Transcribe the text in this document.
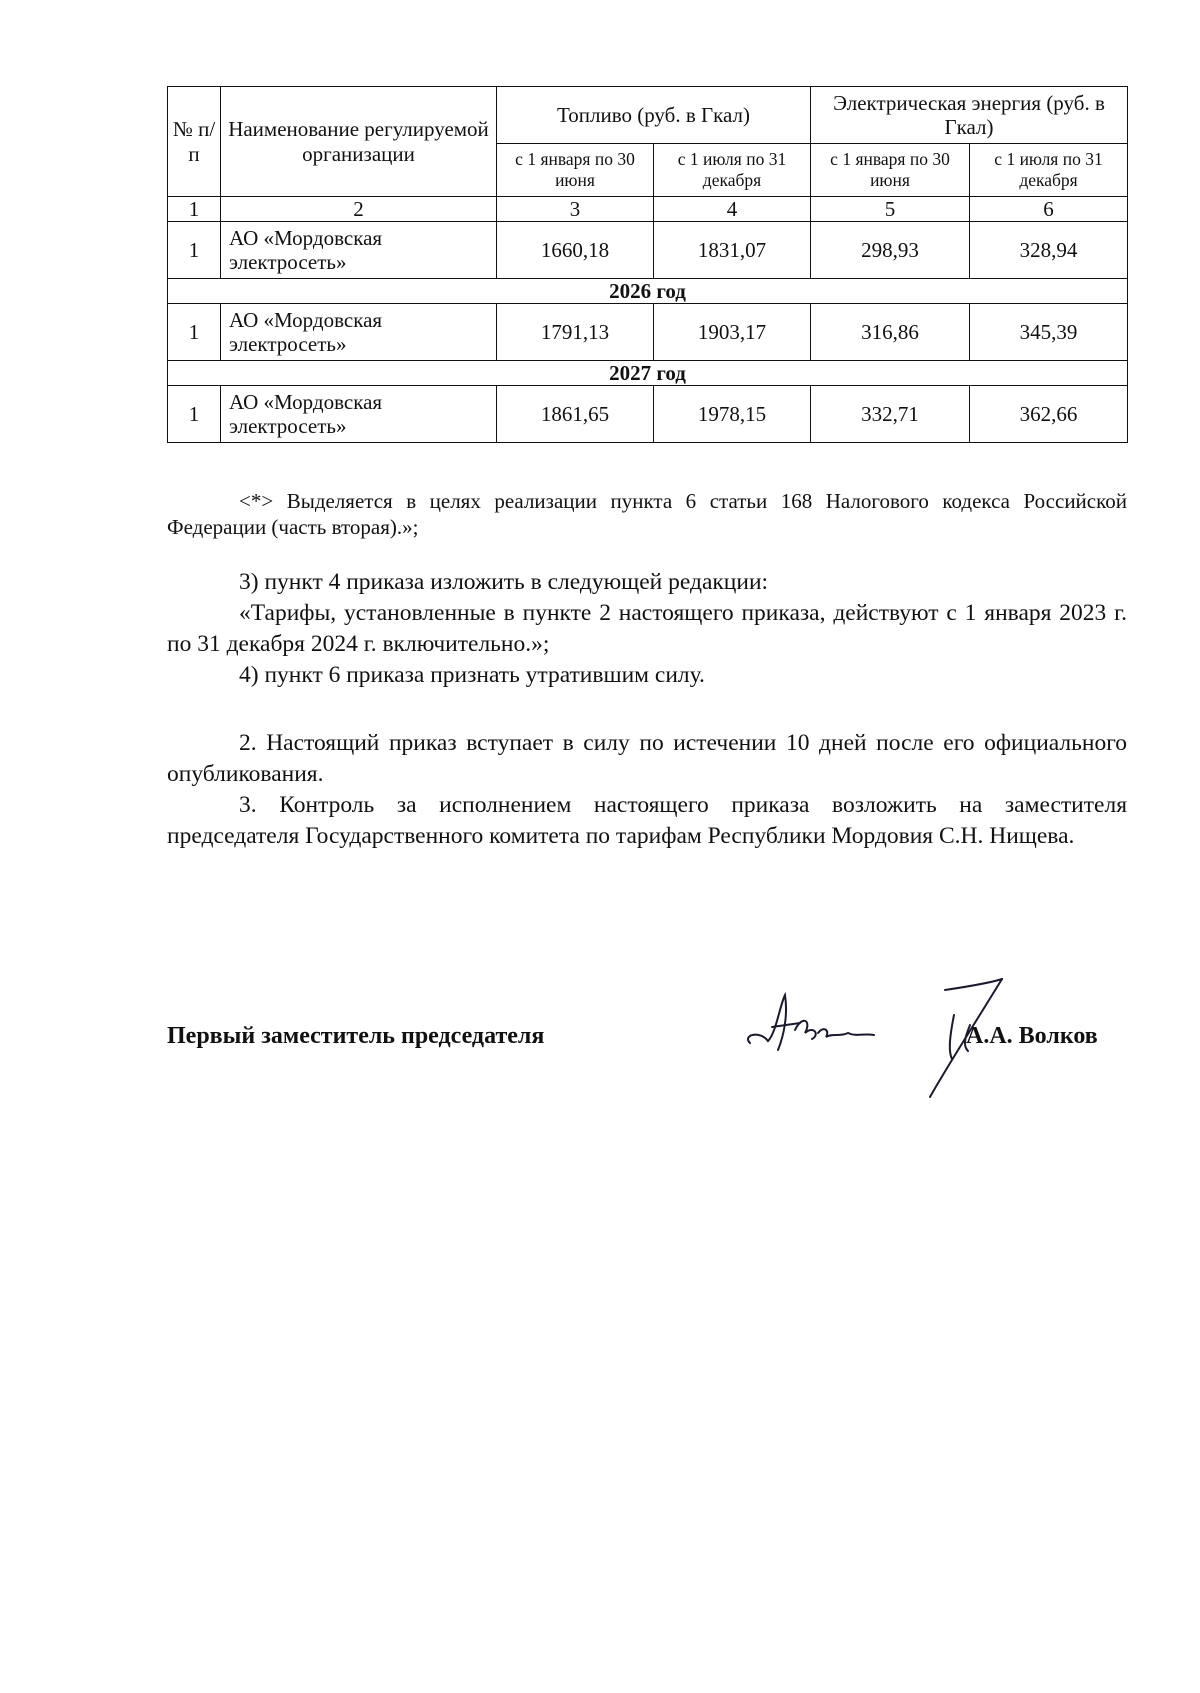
№ п/п	Наименование регулируемой организации	Топливо (руб. в Гкал)		Электрическая энергия (руб. в Гкал)	
		с 1 января по 30 июня	с 1 июля по 31 декабря	с 1 января по 30 июня	с 1 июля по 31 декабря
1	2	3	4	5	6
1	АО «Мордовская электросеть»	1660,18	1831,07	298,93	328,94
2026 год					
1	АО «Мордовская электросеть»	1791,13	1903,17	316,86	345,39
2027 год					
1	АО «Мордовская электросеть»	1861,65	1978,15	332,71	362,66

<*> Выделяется в целях реализации пункта 6 статьи 168 Налогового кодекса Российской Федерации (часть вторая).»;

3) пункт 4 приказа изложить в следующей редакции:

«Тарифы, установленные в пункте 2 настоящего приказа, действуют с 1 января 2023 г. по 31 декабря 2024 г. включительно.»;

4) пункт 6 приказа признать утратившим силу.

2. Настоящий приказ вступает в силу по истечении 10 дней после его официального опубликования.

3. Контроль за исполнением настоящего приказа возложить на заместителя председателя Государственного комитета по тарифам Республики Мордовия С.Н. Нищева.

Первый заместитель председателя	А.А. Волков
